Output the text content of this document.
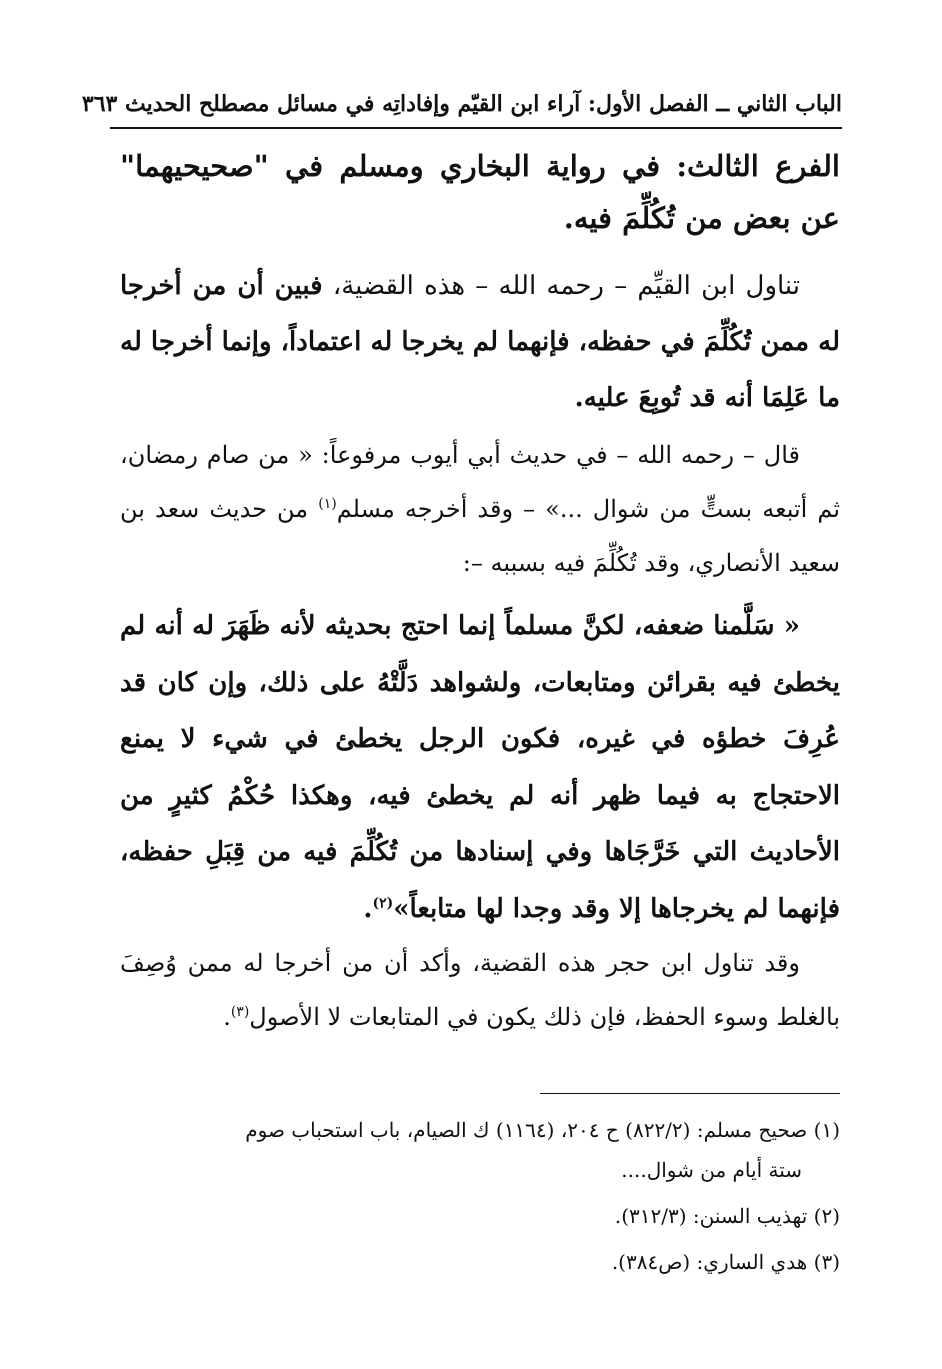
الباب الثاني ــ الفصل الأول: آراء ابن القيّم وإفاداتِه في مسائل مصطلح الحديث ٣٦٣

الفرع الثالث: في رواية البخاري ومسلم في "صحيحيهما" عن بعض من تُكُلِّمَ فيه.

تناول ابن القيِّم – رحمه الله – هذه القضية، فبين أن من أخرجا له ممن تُكُلِّمَ في حفظه، فإنهما لم يخرجا له اعتماداً، وإنما أخرجا له ما عَلِمَا أنه قد تُوبِعَ عليه.

قال – رحمه الله – في حديث أبي أيوب مرفوعاً: « من صام رمضان، ثم أتبعه بستٍّ من شوال ...» – وقد أخرجه مسلم$^{(١)}$ من حديث سعد بن سعيد الأنصاري، وقد تُكُلِّمَ فيه بسببه –:

« سَلَّمنا ضعفه، لكنَّ مسلماً إنما احتج بحديثه لأنه ظَهَرَ له أنه لم يخطئ فيه بقرائن ومتابعات، ولشواهد دَلَّتْهُ على ذلك، وإن كان قد عُرِفَ خطؤه في غيره، فكون الرجل يخطئ في شيء لا يمنع الاحتجاج به فيما ظهر أنه لم يخطئ فيه، وهكذا حُكْمُ كثيرٍ من الأحاديث التي خَرَّجَاها وفي إسنادها من تُكُلِّمَ فيه من قِبَلِ حفظه، فإنهما لم يخرجاها إلا وقد وجدا لها متابعاً»$^{(٢)}$.

وقد تناول ابن حجر هذه القضية، وأكد أن من أخرجا له ممن وُصِفَ بالغلط وسوء الحفظ، فإن ذلك يكون في المتابعات لا الأصول$^{(٣)}$.

(١) صحيح مسلم: (٨٢٢/٢) ح ٢٠٤، (١١٦٤) ك الصيام، باب استحباب صوم
ستة أيام من شوال....

(٢) تهذيب السنن: (٣١٢/٣).

(٣) هدي الساري: (ص٣٨٤).
